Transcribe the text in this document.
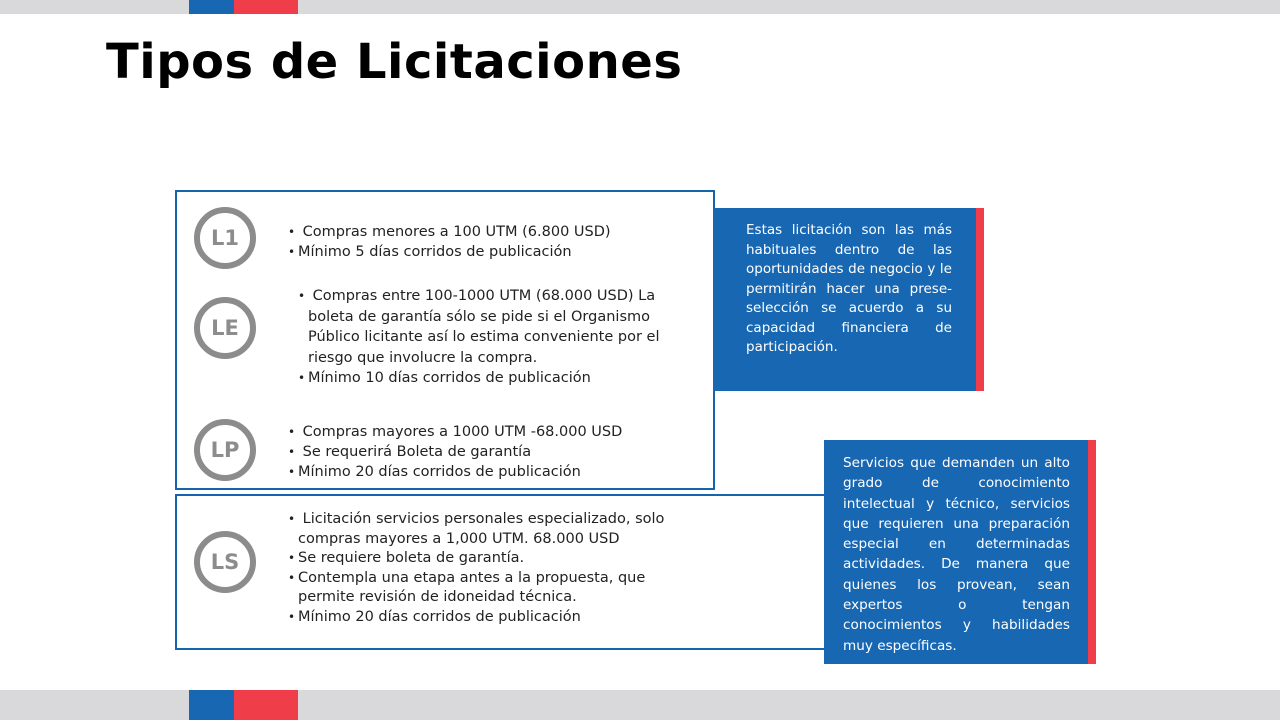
Tipos de Licitaciones
Estas licitación son las más habituales dentro de las oportunidades de negocio y le permitirán hacer una prese-selección se acuerdo a su capacidad financiera de participación.
L1
•	Compras menores a 100 UTM (6.800 USD)
• Mínimo 5 días corridos de publicación
LE
• Compras entre 100-1000 UTM (68.000 USD) La boleta de garantía sólo se pide si el Organismo Público licitante así lo estima conveniente por el riesgo que involucre la compra.
• Mínimo 10 días corridos de publicación
LP
• Compras mayores a 1000 UTM -68.000 USD
• Se requerirá Boleta de garantía
• Mínimo 20 días corridos de publicación
LS
• Licitación servicios personales especializado, solo compras mayores a 1,000 UTM. 68.000 USD
• Se requiere boleta de garantía.
• Contempla una etapa antes a la propuesta, que permite revisión de idoneidad técnica.
• Mínimo 20 días corridos de publicación
Servicios que demanden un alto grado de conocimiento intelectual y técnico, servicios que requieren una preparación especial en determinadas actividades. De manera que quienes los provean, sean expertos o tengan conocimientos y habilidades muy específicas.
